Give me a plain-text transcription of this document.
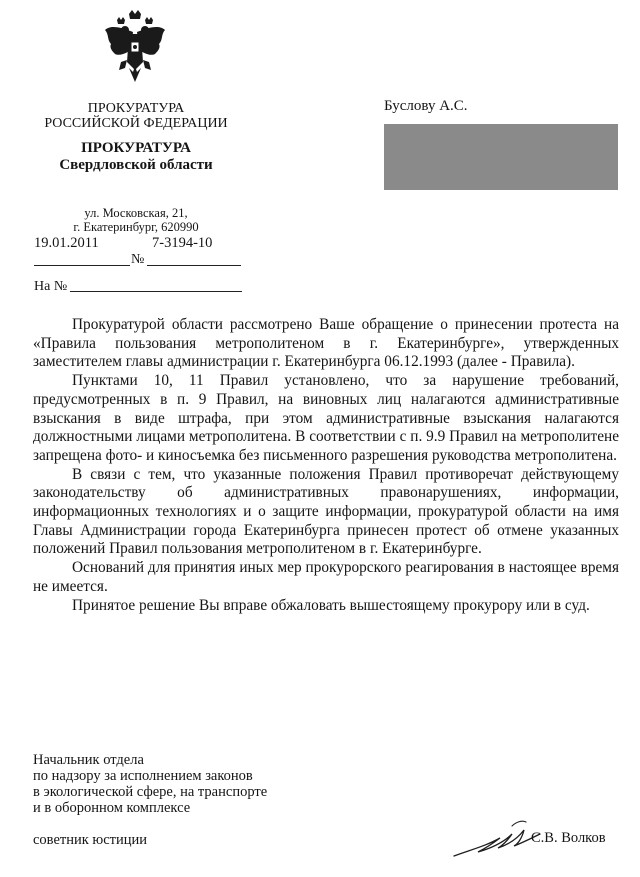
ПРОКУРАТУРА
РОССИЙСКОЙ ФЕДЕРАЦИИ
ПРОКУРАТУРА
Свердловской области
ул. Московская, 21,
г. Екатеринбург, 620990
19.01.2011	7-3194-10
№
На №
Буслову А.С.

Прокуратурой области рассмотрено Ваше обращение о принесении протеста на «Правила пользования метрополитеном в г. Екатеринбурге», утвержденных заместителем главы администрации г. Екатеринбурга 06.12.1993 (далее - Правила).

Пунктами 10, 11 Правил установлено, что за нарушение требований, предусмотренных в п. 9 Правил, на виновных лиц налагаются административные взыскания в виде штрафа, при этом административные взыскания налагаются должностными лицами метрополитена. В соответствии с п. 9.9 Правил на метрополитене запрещена фото- и киносъемка без письменного разрешения руководства метрополитена.

В связи с тем, что указанные положения Правил противоречат действующему законодательству об административных правонарушениях, информации, информационных технологиях и о защите информации, прокуратурой области на имя Главы Администрации города Екатеринбурга принесен протест об отмене указанных положений Правил пользования метрополитеном в г. Екатеринбурге.

Оснований для принятия иных мер прокурорского реагирования в настоящее время не имеется.

Принятое решение Вы вправе обжаловать вышестоящему прокурору или в суд.

Начальник отдела
по надзору за исполнением законов
в экологической сфере, на транспорте
и в оборонном комплексе
советник юстиции	С.В. Волков
